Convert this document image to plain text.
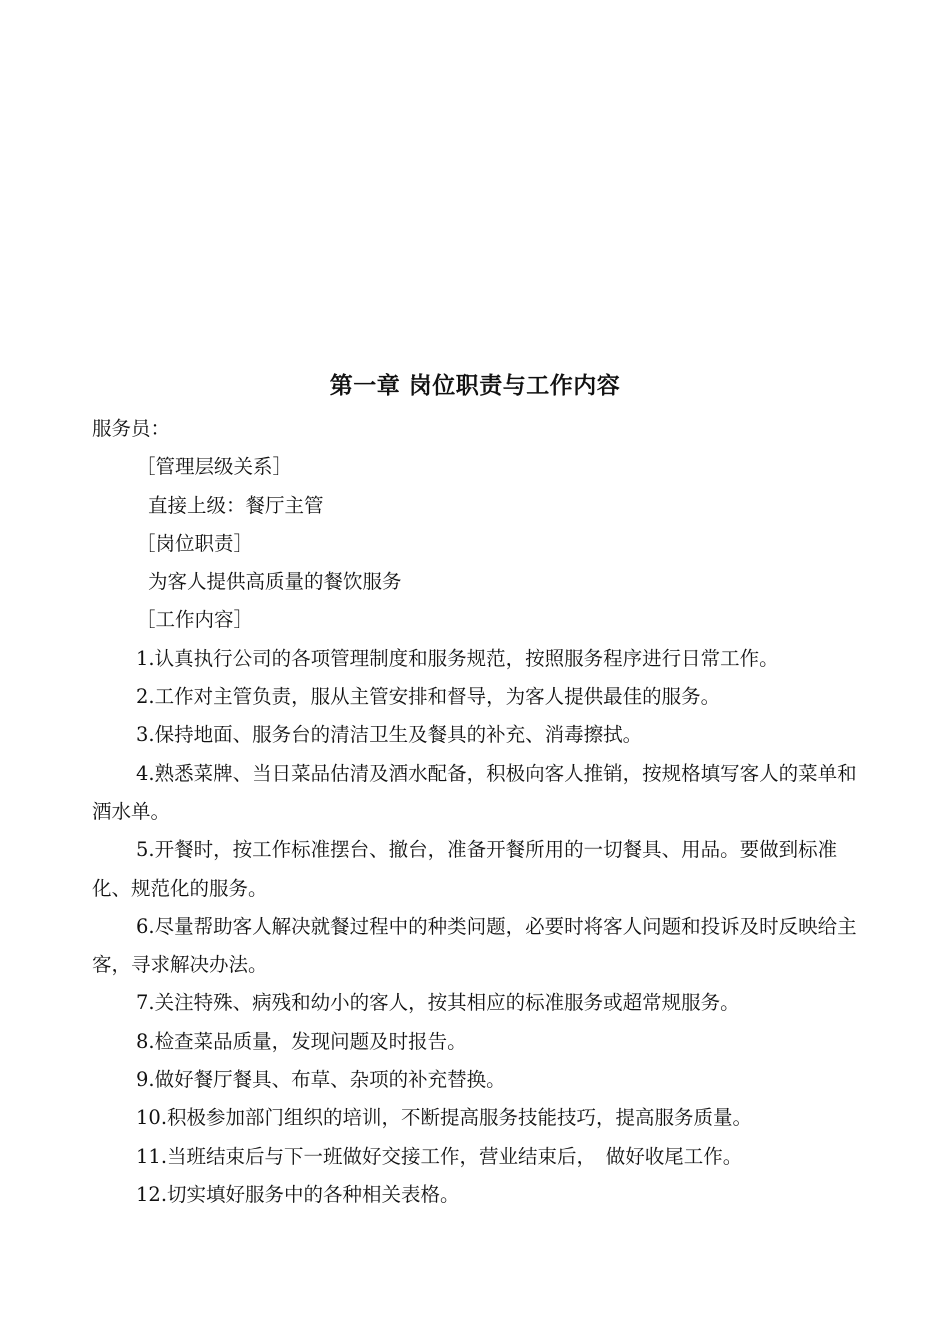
第一章 岗位职责与工作内容
服务员：
［管理层级关系］
直接上级：餐厅主管
［岗位职责］
为客人提供高质量的餐饮服务
［工作内容］
1.认真执行公司的各项管理制度和服务规范，按照服务程序进行日常工作。
2.工作对主管负责，服从主管安排和督导，为客人提供最佳的服务。
3.保持地面、服务台的清洁卫生及餐具的补充、消毒擦拭。
4.熟悉菜牌、当日菜品估清及酒水配备，积极向客人推销，按规格填写客人的菜单和酒水单。
5.开餐时，按工作标准摆台、撤台，准备开餐所用的一切餐具、用品。要做到标准化、规范化的服务。
6.尽量帮助客人解决就餐过程中的种类问题，必要时将客人问题和投诉及时反映给主客，寻求解决办法。
7.关注特殊、病残和幼小的客人，按其相应的标准服务或超常规服务。
8.检查菜品质量，发现问题及时报告。
9.做好餐厅餐具、布草、杂项的补充替换。
10.积极参加部门组织的培训，不断提高服务技能技巧，提高服务质量。
11.当班结束后与下一班做好交接工作，营业结束后，　做好收尾工作。
12.切实填好服务中的各种相关表格。
